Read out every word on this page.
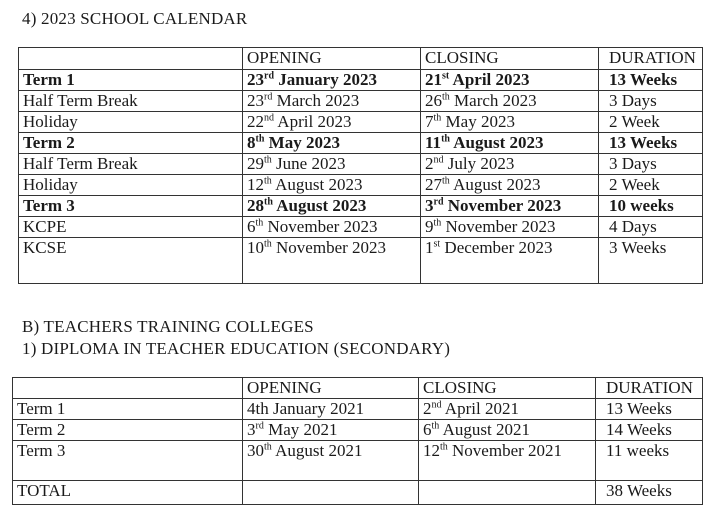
4) 2023 SCHOOL CALENDAR
	OPENING	CLOSING	DURATION
Term 1	23rd January 2023	21st April 2023	13 Weeks
Half Term Break	23rd March 2023	26th March 2023	3 Days
Holiday	22nd April 2023	7th May 2023	2 Week
Term 2	8th May 2023	11th August 2023	13 Weeks
Half Term Break	29th June 2023	2nd July 2023	3 Days
Holiday	12th August 2023	27th August 2023	2 Week
Term 3	28th August 2023	3rd November 2023	10 weeks
KCPE	6th November 2023	9th November 2023	4 Days
KCSE	10th November 2023	1st December 2023	3 Weeks
B) TEACHERS TRAINING COLLEGES
1) DIPLOMA IN TEACHER EDUCATION (SECONDARY)
	OPENING	CLOSING	DURATION
Term 1	4th January 2021	2nd April 2021	13 Weeks
Term 2	3rd May 2021	6th August 2021	14 Weeks
Term 3	30th August 2021	12th November 2021	11 weeks
TOTAL			38 Weeks
